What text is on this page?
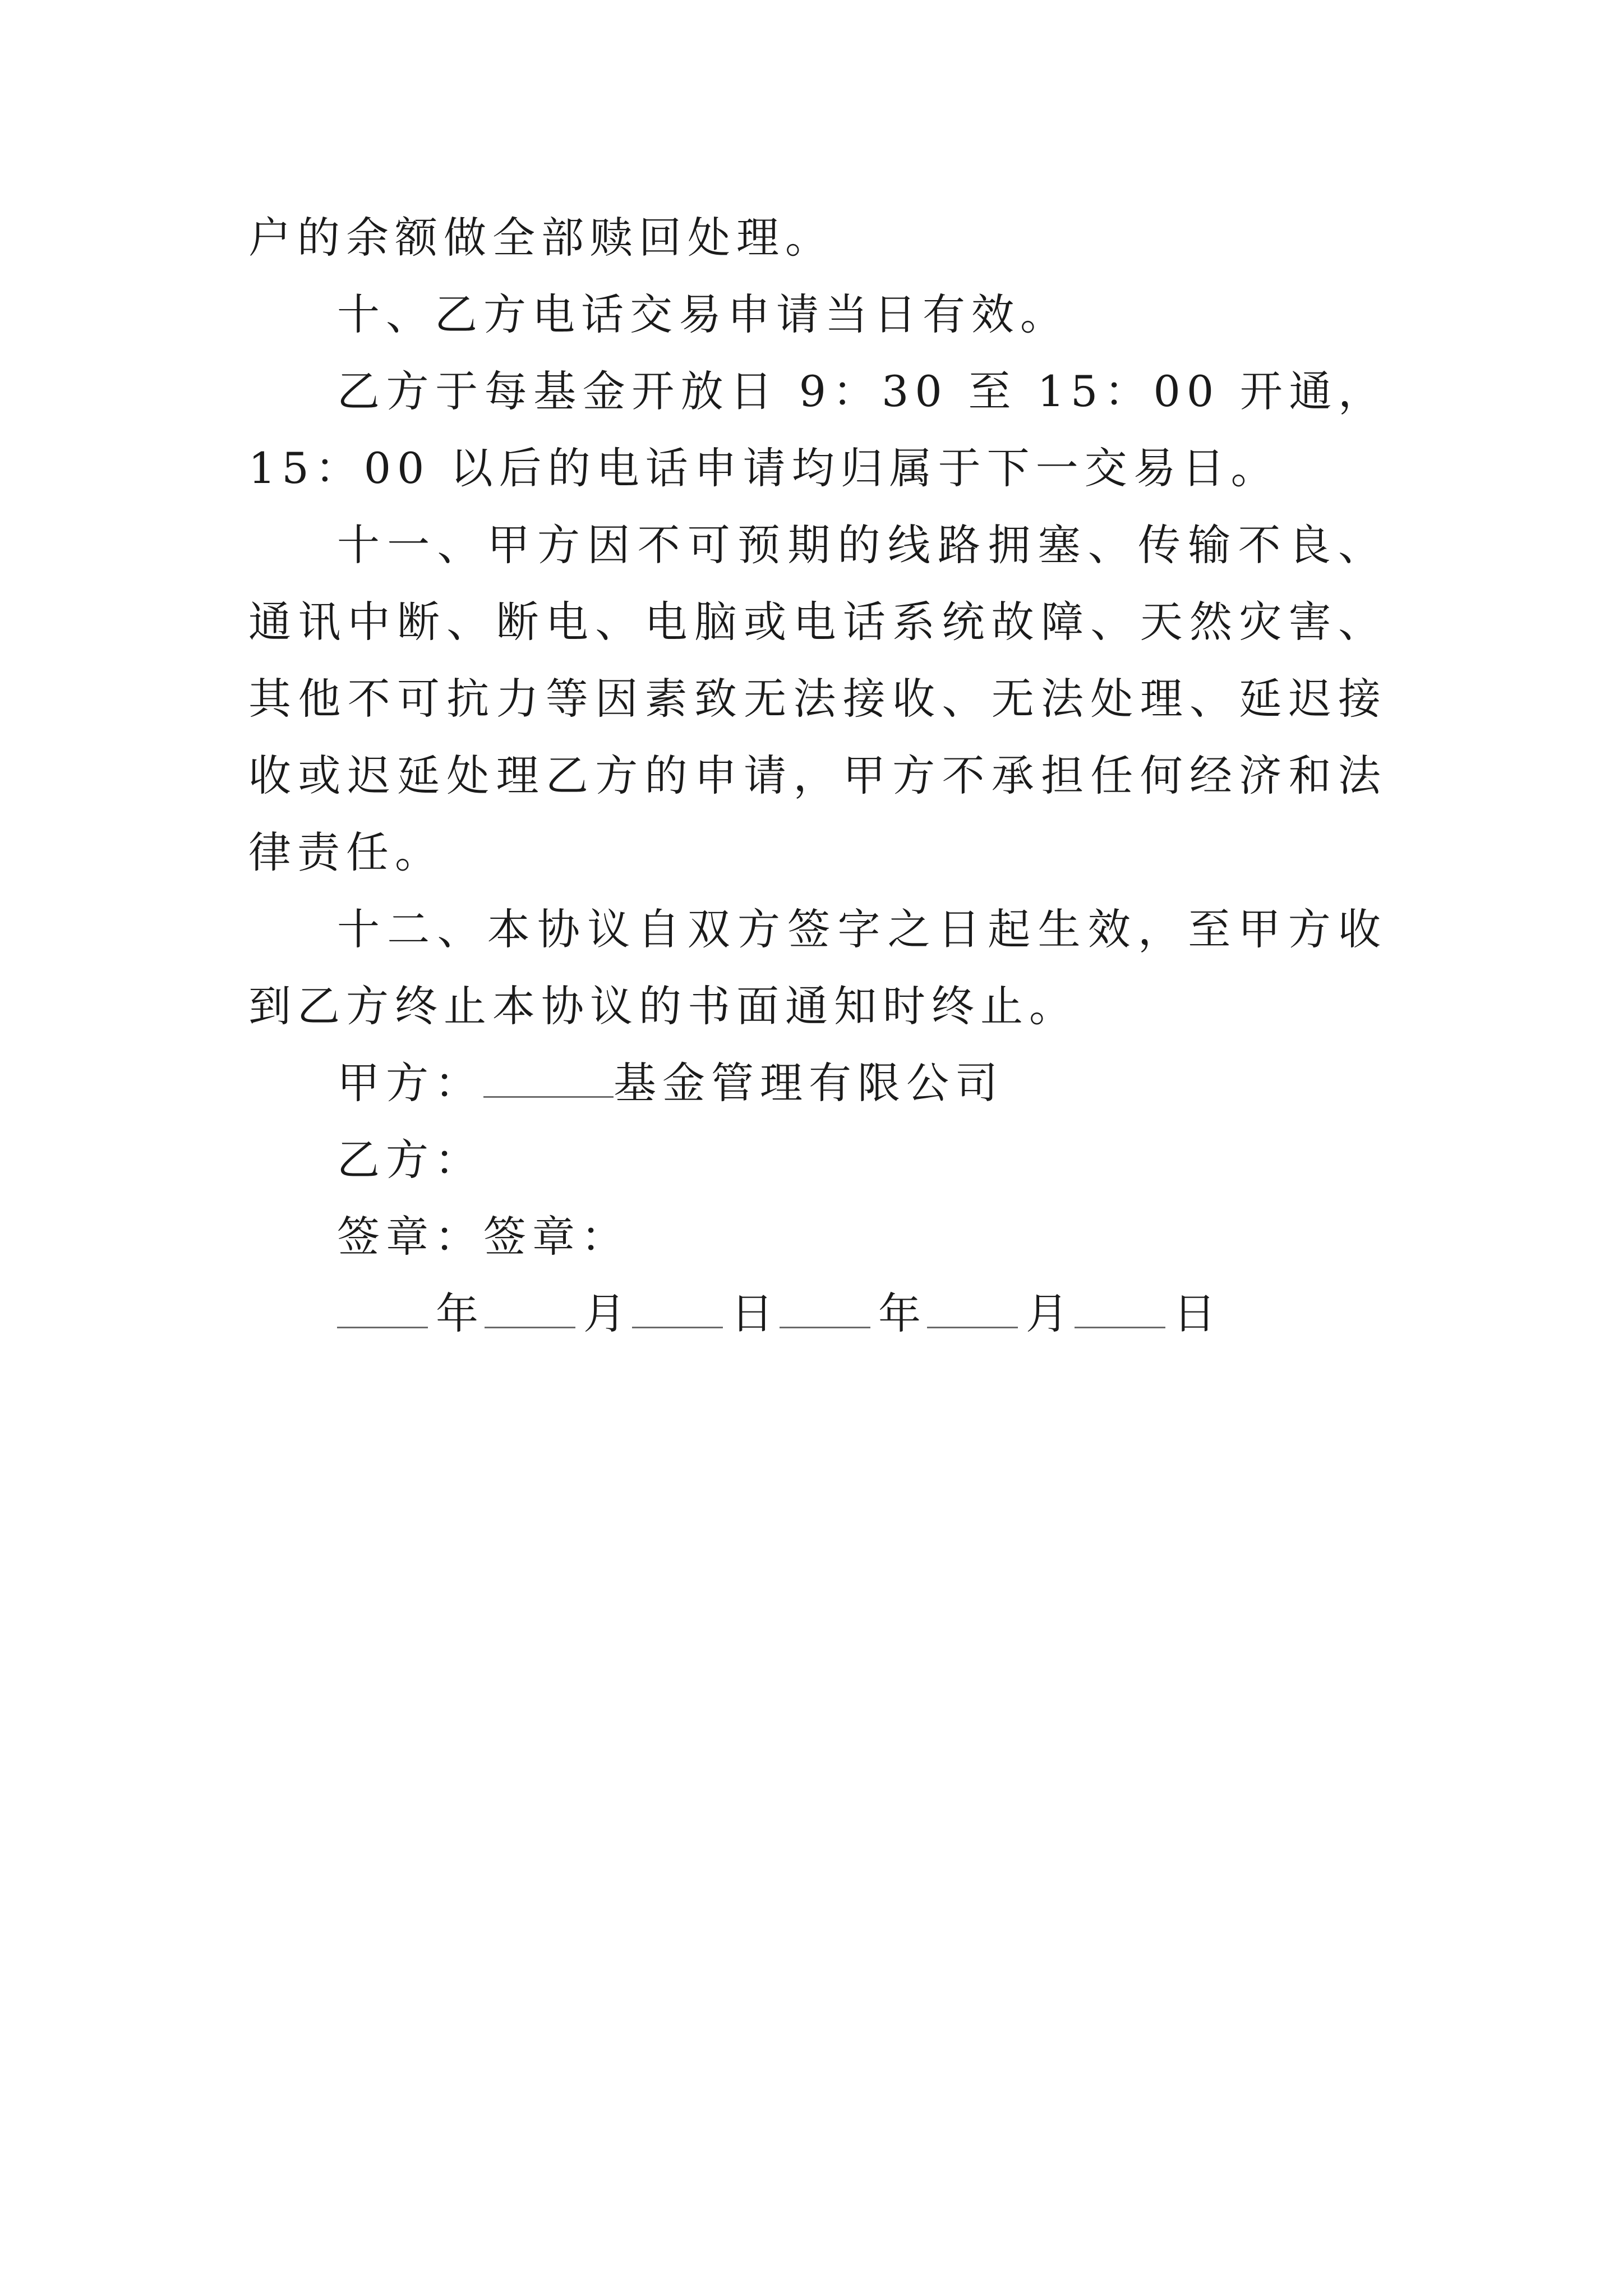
户的余额做全部赎回处理。

十、乙方电话交易申请当日有效。

乙方于每基金开放日 9：30 至 15：00 开通，15：00 以后的电话申请均归属于下一交易日。

十一、甲方因不可预期的线路拥塞、传输不良、通讯中断、断电、电脑或电话系统故障、天然灾害、其他不可抗力等因素致无法接收、无法处理、延迟接收或迟延处理乙方的申请，甲方不承担任何经济和法律责任。

十二、本协议自双方签字之日起生效，至甲方收到乙方终止本协议的书面通知时终止。

甲方：	基金管理有限公司
乙方：
签章：签章：
年 月 日 年 月 日
